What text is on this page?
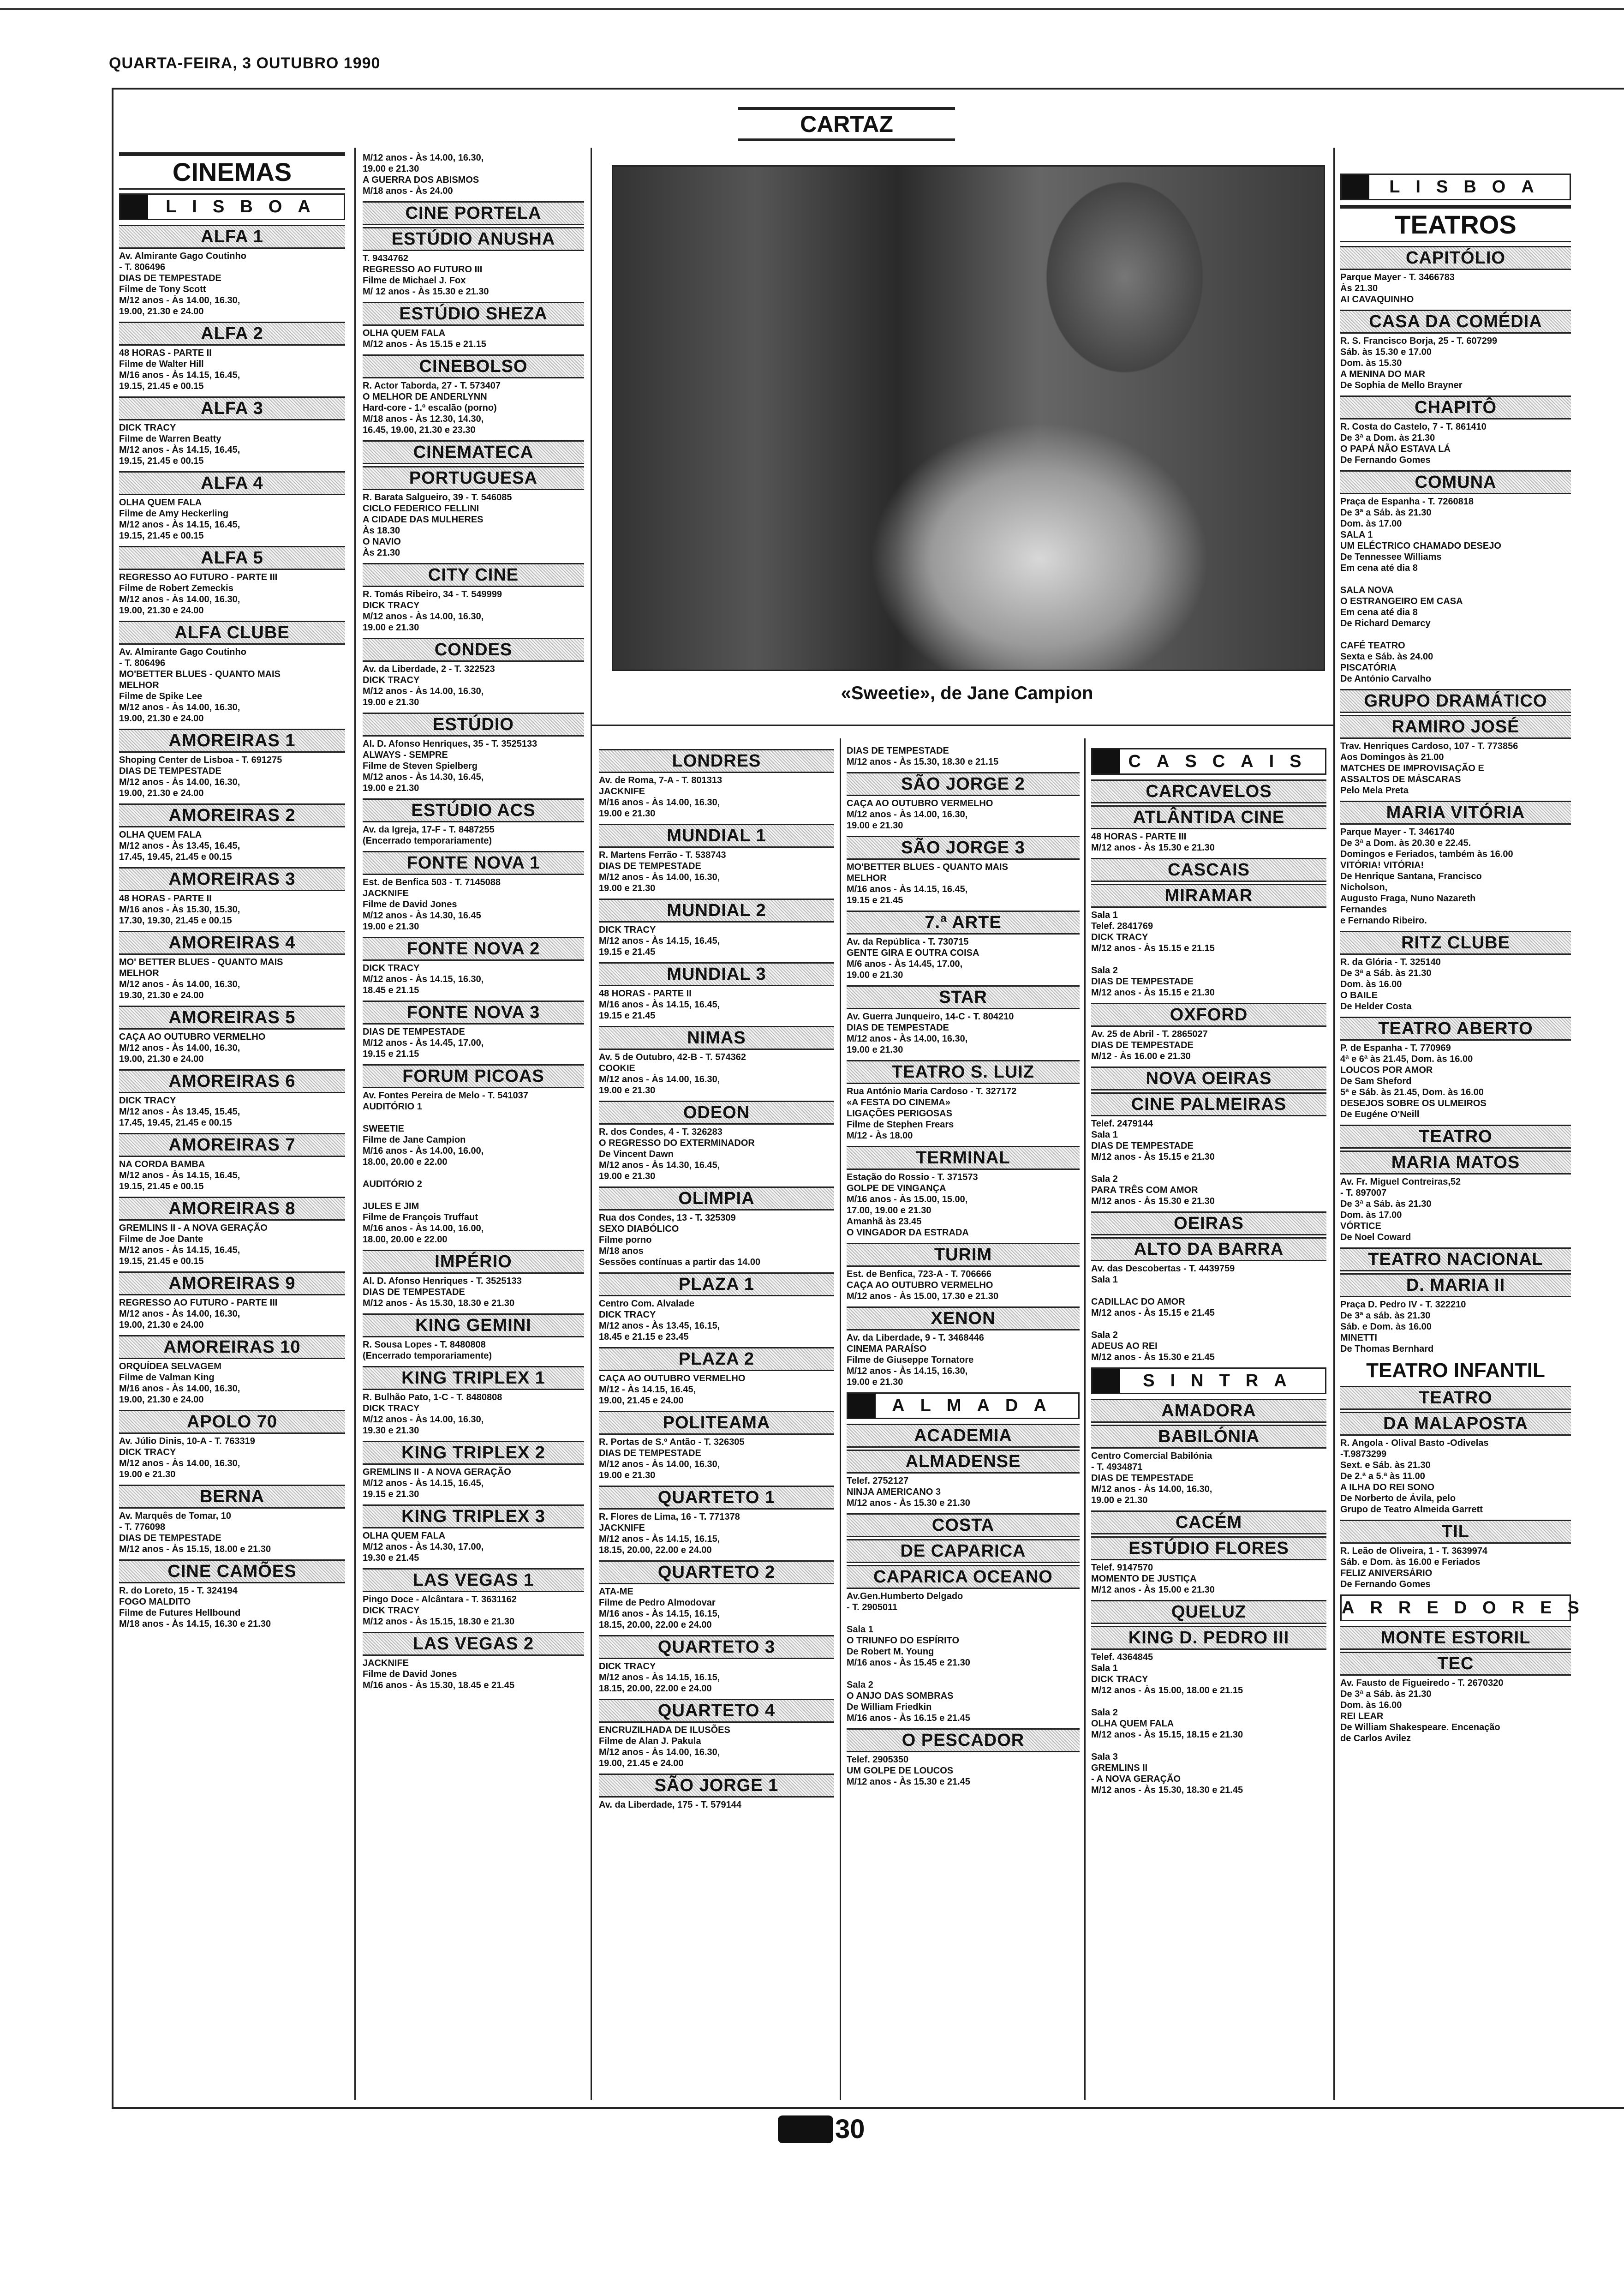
QUARTA-FEIRA, 3 OUTUBRO 1990
CARTAZ
«Sweetie», de Jane Campion
CINEMAS
LISBOA
ALFA 1
Av. Almirante Gago Coutinho
- T. 806496
DIAS DE TEMPESTADE
Filme de Tony Scott
M/12 anos - Às 14.00, 16.30,
19.00, 21.30 e 24.00
ALFA 2
48 HORAS - PARTE II
Filme de Walter Hill
M/16 anos - Às 14.15, 16.45,
19.15, 21.45 e 00.15
ALFA 3
DICK TRACY
Filme de Warren Beatty
M/12 anos - Às 14.15, 16.45,
19.15, 21.45 e 00.15
ALFA 4
OLHA QUEM FALA
Filme de Amy Heckerling
M/12 anos - Às 14.15, 16.45,
19.15, 21.45 e 00.15
ALFA 5
REGRESSO AO FUTURO - PARTE III
Filme de Robert Zemeckis
M/12 anos - Às 14.00, 16.30,
19.00, 21.30 e 24.00
ALFA CLUBE
Av. Almirante Gago Coutinho
- T. 806496
MO'BETTER BLUES - QUANTO MAIS
MELHOR
Filme de Spike Lee
M/12 anos - Às 14.00, 16.30,
19.00, 21.30 e 24.00
AMOREIRAS 1
Shoping Center de Lisboa - T. 691275
DIAS DE TEMPESTADE
M/12 anos - Às 14.00, 16.30,
19.00, 21.30 e 24.00
AMOREIRAS 2
OLHA QUEM FALA
M/12 anos - Às 13.45, 16.45,
17.45, 19.45, 21.45 e 00.15
AMOREIRAS 3
48 HORAS - PARTE II
M/16 anos - Às 15.30, 15.30,
17.30, 19.30, 21.45 e 00.15
AMOREIRAS 4
MO' BETTER BLUES - QUANTO MAIS
MELHOR
M/12 anos - Às 14.00, 16.30,
19.30, 21.30 e 24.00
AMOREIRAS 5
CAÇA AO OUTUBRO VERMELHO
M/12 anos - Às 14.00, 16.30,
19.00, 21.30 e 24.00
AMOREIRAS 6
DICK TRACY
M/12 anos - Às 13.45, 15.45,
17.45, 19.45, 21.45 e 00.15
AMOREIRAS 7
NA CORDA BAMBA
M/12 anos - Às 14.15, 16.45,
19.15, 21.45 e 00.15
AMOREIRAS 8
GREMLINS II - A NOVA GERAÇÃO
Filme de Joe Dante
M/12 anos - Às 14.15, 16.45,
19.15, 21.45 e 00.15
AMOREIRAS 9
REGRESSO AO FUTURO - PARTE III
M/12 anos - Às 14.00, 16.30,
19.00, 21.30 e 24.00
AMOREIRAS 10
ORQUÍDEA SELVAGEM
Filme de Valman King
M/16 anos - Às 14.00, 16.30,
19.00, 21.30 e 24.00
APOLO 70
Av. Júlio Dinis, 10-A - T. 763319
DICK TRACY
M/12 anos - Às 14.00, 16.30,
19.00 e 21.30
BERNA
Av. Marquês de Tomar, 10
- T. 776098
DIAS DE TEMPESTADE
M/12 anos - Às 15.15, 18.00 e 21.30
CINE CAMÕES
R. do Loreto, 15 - T. 324194
FOGO MALDITO
Filme de Futures Hellbound
M/18 anos - Às 14.15, 16.30 e 21.30
M/12 anos - Às 14.00, 16.30,
19.00 e 21.30
A GUERRA DOS ABISMOS
M/18 anos - Às 24.00
CINE PORTELA
ESTÚDIO ANUSHA
T. 9434762
REGRESSO AO FUTURO III
Filme de Michael J. Fox
M/ 12 anos - Às 15.30 e 21.30
ESTÚDIO SHEZA
OLHA QUEM FALA
M/12 anos - Às 15.15 e 21.15
CINEBOLSO
R. Actor Taborda, 27 - T. 573407
O MELHOR DE ANDERLYNN
Hard-core - 1.º escalão (porno)
M/18 anos - Às 12.30, 14.30,
16.45, 19.00, 21.30 e 23.30
CINEMATECA
PORTUGUESA
R. Barata Salgueiro, 39 - T. 546085
CICLO FEDERICO FELLINI
A CIDADE DAS MULHERES
Às 18.30
O NAVIO
Às 21.30
CITY CINE
R. Tomás Ribeiro, 34 - T. 549999
DICK TRACY
M/12 anos - Às 14.00, 16.30,
19.00 e 21.30
CONDES
Av. da Liberdade, 2 - T. 322523
DICK TRACY
M/12 anos - Às 14.00, 16.30,
19.00 e 21.30
ESTÚDIO
Al. D. Afonso Henriques, 35 - T. 3525133
ALWAYS - SEMPRE
Filme de Steven Spielberg
M/12 anos - Às 14.30, 16.45,
19.00 e 21.30
ESTÚDIO ACS
Av. da Igreja, 17-F - T. 8487255
(Encerrado temporariamente)
FONTE NOVA 1
Est. de Benfica 503 - T. 7145088
JACKNIFE
Filme de David Jones
M/12 anos - Às 14.30, 16.45
19.00 e 21.30
FONTE NOVA 2
DICK TRACY
M/12 anos - Às 14.15, 16.30,
18.45 e 21.15
FONTE NOVA 3
DIAS DE TEMPESTADE
M/12 anos - Às 14.45, 17.00,
19.15 e 21.15
FORUM PICOAS
Av. Fontes Pereira de Melo - T. 541037
AUDITÓRIO 1

SWEETIE
Filme de Jane Campion
M/16 anos - Às 14.00, 16.00,
18.00, 20.00 e 22.00

AUDITÓRIO 2

JULES E JIM
Filme de François Truffaut
M/16 anos - Às 14.00, 16.00,
18.00, 20.00 e 22.00
IMPÉRIO
Al. D. Afonso Henriques - T. 3525133
DIAS DE TEMPESTADE
M/12 anos - Às 15.30, 18.30 e 21.30
KING GEMINI
R. Sousa Lopes - T. 8480808
(Encerrado temporariamente)
KING TRIPLEX 1
R. Bulhão Pato, 1-C - T. 8480808
DICK TRACY
M/12 anos - Às 14.00, 16.30,
19.30 e 21.30
KING TRIPLEX 2
GREMLINS II - A NOVA GERAÇÃO
M/12 anos - Às 14.15, 16.45,
19.15 e 21.30
KING TRIPLEX 3
OLHA QUEM FALA
M/12 anos - Às 14.30, 17.00,
19.30 e 21.45
LAS VEGAS 1
Pingo Doce - Alcântara - T. 3631162
DICK TRACY
M/12 anos - Às 15.15, 18.30 e 21.30
LAS VEGAS 2
JACKNIFE
Filme de David Jones
M/16 anos - Às 15.30, 18.45 e 21.45
LONDRES
Av. de Roma, 7-A - T. 801313
JACKNIFE
M/16 anos - Às 14.00, 16.30,
19.00 e 21.30
MUNDIAL 1
R. Martens Ferrão - T. 538743
DIAS DE TEMPESTADE
M/12 anos - Às 14.00, 16.30,
19.00 e 21.30
MUNDIAL 2
DICK TRACY
M/12 anos - Às 14.15, 16.45,
19.15 e 21.45
MUNDIAL 3
48 HORAS - PARTE II
M/16 anos - Às 14.15, 16.45,
19.15 e 21.45
NIMAS
Av. 5 de Outubro, 42-B - T. 574362
COOKIE
M/12 anos - Às 14.00, 16.30,
19.00 e 21.30
ODEON
R. dos Condes, 4 - T. 326283
O REGRESSO DO EXTERMINADOR
De Vincent Dawn
M/12 anos - Às 14.30, 16.45,
19.00 e 21.30
OLIMPIA
Rua dos Condes, 13 - T. 325309
SEXO DIABÓLICO
Filme porno
M/18 anos
Sessões contínuas a partir das 14.00
PLAZA 1
Centro Com. Alvalade
DICK TRACY
M/12 anos - Às 13.45, 16.15,
18.45 e 21.15 e 23.45
PLAZA 2
CAÇA AO OUTUBRO VERMELHO
M/12 - Às 14.15, 16.45,
19.00, 21.45 e 24.00
POLITEAMA
R. Portas de S.º Antão - T. 326305
DIAS DE TEMPESTADE
M/12 anos - Às 14.00, 16.30,
19.00 e 21.30
QUARTETO 1
R. Flores de Lima, 16 - T. 771378
JACKNIFE
M/12 anos - Às 14.15, 16.15,
18.15, 20.00, 22.00 e 24.00
QUARTETO 2
ATA-ME
Filme de Pedro Almodovar
M/16 anos - Às 14.15, 16.15,
18.15, 20.00, 22.00 e 24.00
QUARTETO 3
DICK TRACY
M/12 anos - Às 14.15, 16.15,
18.15, 20.00, 22.00 e 24.00
QUARTETO 4
ENCRUZILHADA DE ILUSÕES
Filme de Alan J. Pakula
M/12 anos - Às 14.00, 16.30,
19.00, 21.45 e 24.00
SÃO JORGE 1
Av. da Liberdade, 175 - T. 579144
DIAS DE TEMPESTADE
M/12 anos - Às 15.30, 18.30 e 21.15
SÃO JORGE 2
CAÇA AO OUTUBRO VERMELHO
M/12 anos - Às 14.00, 16.30,
19.00 e 21.30
SÃO JORGE 3
MO'BETTER BLUES - QUANTO MAIS
MELHOR
M/16 anos - Às 14.15, 16.45,
19.15 e 21.45
7.ª ARTE
Av. da República - T. 730715
GENTE GIRA E OUTRA COISA
M/6 anos - Às 14.45, 17.00,
19.00 e 21.30
STAR
Av. Guerra Junqueiro, 14-C - T. 804210
DIAS DE TEMPESTADE
M/12 anos - Às 14.00, 16.30,
19.00 e 21.30
TEATRO S. LUIZ
Rua António Maria Cardoso - T. 327172
«A FESTA DO CINEMA»
LIGAÇÕES PERIGOSAS
Filme de Stephen Frears
M/12 - Às 18.00
TERMINAL
Estação do Rossio - T. 371573
GOLPE DE VINGANÇA
M/16 anos - Às 15.00, 15.00,
17.00, 19.00 e 21.30
Amanhã às 23.45
O VINGADOR DA ESTRADA
TURIM
Est. de Benfica, 723-A - T. 706666
CAÇA AO OUTUBRO VERMELHO
M/12 anos - Às 15.00, 17.30 e 21.30
XENON
Av. da Liberdade, 9 - T. 3468446
CINEMA PARAÍSO
Filme de Giuseppe Tornatore
M/12 anos - Às 14.15, 16.30,
19.00 e 21.30
ALMADA
ACADEMIA
ALMADENSE
Telef. 2752127
NINJA AMERICANO 3
M/12 anos - Às 15.30 e 21.30
COSTA
DE CAPARICA
CAPARICA OCEANO
Av.Gen.Humberto Delgado
- T. 2905011

Sala 1
O TRIUNFO DO ESPÍRITO
De Robert M. Young
M/16 anos - Às 15.45 e 21.30

Sala 2
O ANJO DAS SOMBRAS
De William Friedkin
M/16 anos - Às 16.15 e 21.45
O PESCADOR
Telef. 2905350
UM GOLPE DE LOUCOS
M/12 anos - Às 15.30 e 21.45
CASCAIS
CARCAVELOS
ATLÂNTIDA CINE
48 HORAS - PARTE III
M/12 anos - Às 15.30 e 21.30
CASCAIS
MIRAMAR
Sala 1
Telef. 2841769
DICK TRACY
M/12 anos - Às 15.15 e 21.15

Sala 2
DIAS DE TEMPESTADE
M/12 anos - Às 15.15 e 21.30
OXFORD
Av. 25 de Abril - T. 2865027
DIAS DE TEMPESTADE
M/12 - Às 16.00 e 21.30
NOVA OEIRAS
CINE PALMEIRAS
Telef. 2479144
Sala 1
DIAS DE TEMPESTADE
M/12 anos - Às 15.15 e 21.30

Sala 2
PARA TRÊS COM AMOR
M/12 anos - Às 15.30 e 21.30
OEIRAS
ALTO DA BARRA
Av. das Descobertas - T. 4439759
Sala 1

CADILLAC DO AMOR
M/12 anos - Às 15.15 e 21.45

Sala 2
ADEUS AO REI
M/12 anos - Às 15.30 e 21.45
SINTRA
AMADORA
BABILÓNIA
Centro Comercial Babilónia
- T. 4934871
DIAS DE TEMPESTADE
M/12 anos - Às 14.00, 16.30,
19.00 e 21.30
CACÉM
ESTÚDIO FLORES
Telef. 9147570
MOMENTO DE JUSTIÇA
M/12 anos - Às 15.00 e 21.30
QUELUZ
KING D. PEDRO III
Telef. 4364845
Sala 1
DICK TRACY
M/12 anos - Às 15.00, 18.00 e 21.15

Sala 2
OLHA QUEM FALA
M/12 anos - Às 15.15, 18.15 e 21.30

Sala 3
GREMLINS II
- A NOVA GERAÇÃO
M/12 anos - Às 15.30, 18.30 e 21.45
LISBOA
TEATROS
CAPITÓLIO
Parque Mayer - T. 3466783
Às 21.30
AI CAVAQUINHO
CASA DA COMÉDIA
R. S. Francisco Borja, 25 - T. 607299
Sáb. às 15.30 e 17.00
Dom. às 15.30
A MENINA DO MAR
De Sophia de Mello Brayner
CHAPITÔ
R. Costa do Castelo, 7 - T. 861410
De 3ª a Dom. às 21.30
O PAPÁ NÃO ESTAVA LÁ
De Fernando Gomes
COMUNA
Praça de Espanha - T. 7260818
De 3ª a Sáb. às 21.30
Dom. às 17.00
SALA 1
UM ELÉCTRICO CHAMADO DESEJO
De Tennessee Williams
Em cena até dia 8

SALA NOVA
O ESTRANGEIRO EM CASA
Em cena até dia 8
De Richard Demarcy

CAFÉ TEATRO
Sexta e Sáb. às 24.00
PISCATÓRIA
De António Carvalho
GRUPO DRAMÁTICO
RAMIRO JOSÉ
Trav. Henriques Cardoso, 107 - T. 773856
Aos Domingos às 21.00
MATCHES DE IMPROVISAÇÃO E
ASSALTOS DE MÁSCARAS
Pelo Mela Preta
MARIA VITÓRIA
Parque Mayer - T. 3461740
De 3ª a Dom. às 20.30 e 22.45.
Domingos e Feriados, também às 16.00
VITÓRIA! VITÓRIA!
De Henrique Santana, Francisco
Nicholson,
Augusto Fraga, Nuno Nazareth
Fernandes
e Fernando Ribeiro.
RITZ CLUBE
R. da Glória - T. 325140
De 3ª a Sáb. às 21.30
Dom. às 16.00
O BAILE
De Helder Costa
TEATRO ABERTO
P. de Espanha - T. 770969
4ª e 6ª às 21.45, Dom. às 16.00
LOUCOS POR AMOR
De Sam Sheford
5ª e Sáb. às 21.45, Dom. às 16.00
DESEJOS SOBRE OS ULMEIROS
De Eugéne O'Neill
TEATRO
MARIA MATOS
Av. Fr. Miguel Contreiras,52
- T. 897007
De 3ª a Sáb. às 21.30
Dom. às 17.00
VÓRTICE
De Noel Coward
TEATRO NACIONAL
D. MARIA II
Praça D. Pedro IV - T. 322210
De 3ª a sáb. às 21.30
Sáb. e Dom. às 16.00
MINETTI
De Thomas Bernhard
TEATRO INFANTIL
TEATRO
DA MALAPOSTA
R. Angola - Olival Basto -Odivelas
-T.9873299
Sext. e Sáb. às 21.30
De 2.ª a 5.ª às 11.00
A ILHA DO REI SONO
De Norberto de Ávila, pelo
Grupo de Teatro Almeida Garrett
TIL
R. Leão de Oliveira, 1 - T. 3639974
Sáb. e Dom. às 16.00 e Feriados
FELIZ ANIVERSÁRIO
De Fernando Gomes
ARREDORES
MONTE ESTORIL
TEC
Av. Fausto de Figueiredo - T. 2670320
De 3ª a Sáb. às 21.30
Dom. às 16.00
REI LEAR
De William Shakespeare. Encenação
de Carlos Avilez
30
